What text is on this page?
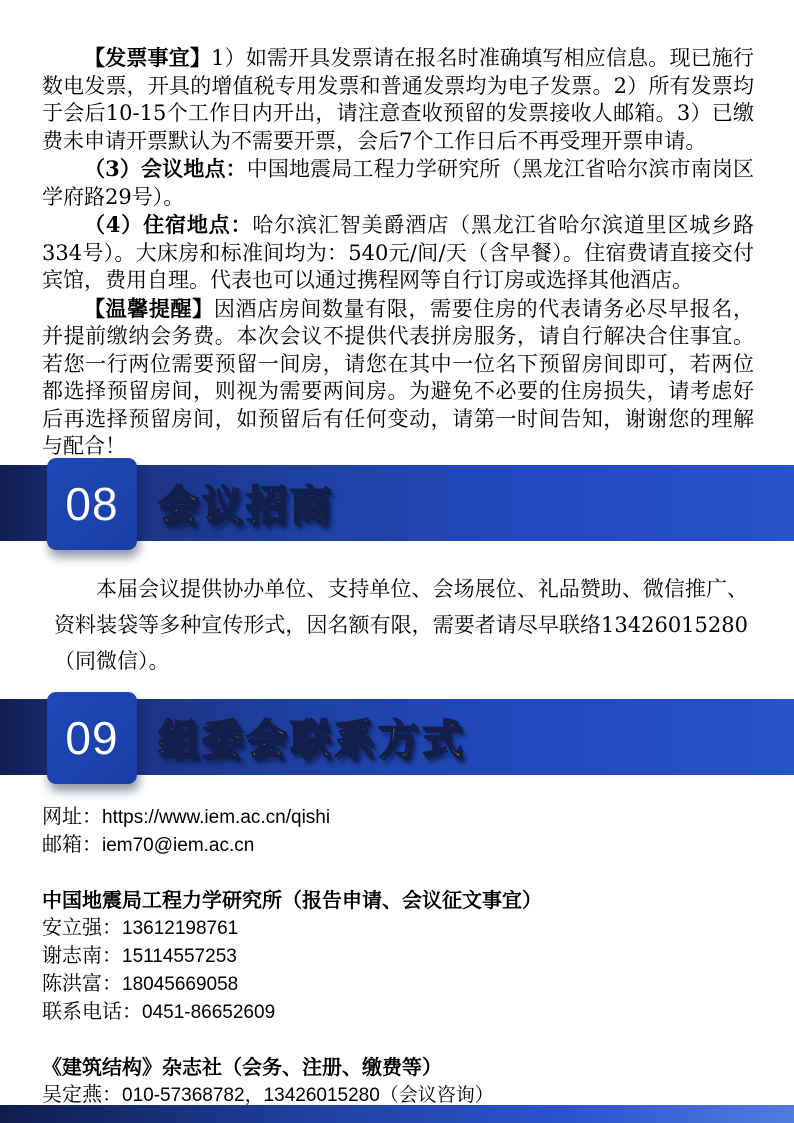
【发票事宜】1）如需开具发票请在报名时准确填写相应信息。现已施行数电发票，开具的增值税专用发票和普通发票均为电子发票。2）所有发票均于会后10-15个工作日内开出，请注意查收预留的发票接收人邮箱。3）已缴费未申请开票默认为不需要开票，会后7个工作日后不再受理开票申请。

（3）会议地点：中国地震局工程力学研究所（黑龙江省哈尔滨市南岗区学府路29号）。

（4）住宿地点：哈尔滨汇智美爵酒店（黑龙江省哈尔滨道里区城乡路334号）。大床房和标准间均为：540元/间/天（含早餐）。住宿费请直接交付宾馆，费用自理。代表也可以通过携程网等自行订房或选择其他酒店。

【温馨提醒】因酒店房间数量有限，需要住房的代表请务必尽早报名，并提前缴纳会务费。本次会议不提供代表拼房服务，请自行解决合住事宜。若您一行两位需要预留一间房，请您在其中一位名下预留房间即可，若两位都选择预留房间，则视为需要两间房。为避免不必要的住房损失，请考虑好后再选择预留房间，如预留后有任何变动，请第一时间告知，谢谢您的理解与配合！

08 会议招商

本届会议提供协办单位、支持单位、会场展位、礼品赞助、微信推广、资料装袋等多种宣传形式，因名额有限，需要者请尽早联络13426015280（同微信）。

09 组委会联系方式

网址：https://www.iem.ac.cn/qishi

邮箱：iem70@iem.ac.cn

中国地震局工程力学研究所（报告申请、会议征文事宜）

安立强：13612198761

谢志南：15114557253

陈洪富：18045669058

联系电话：0451-86652609

《建筑结构》杂志社（会务、注册、缴费等）

吴定燕：010-57368782，13426015280（会议咨询）
